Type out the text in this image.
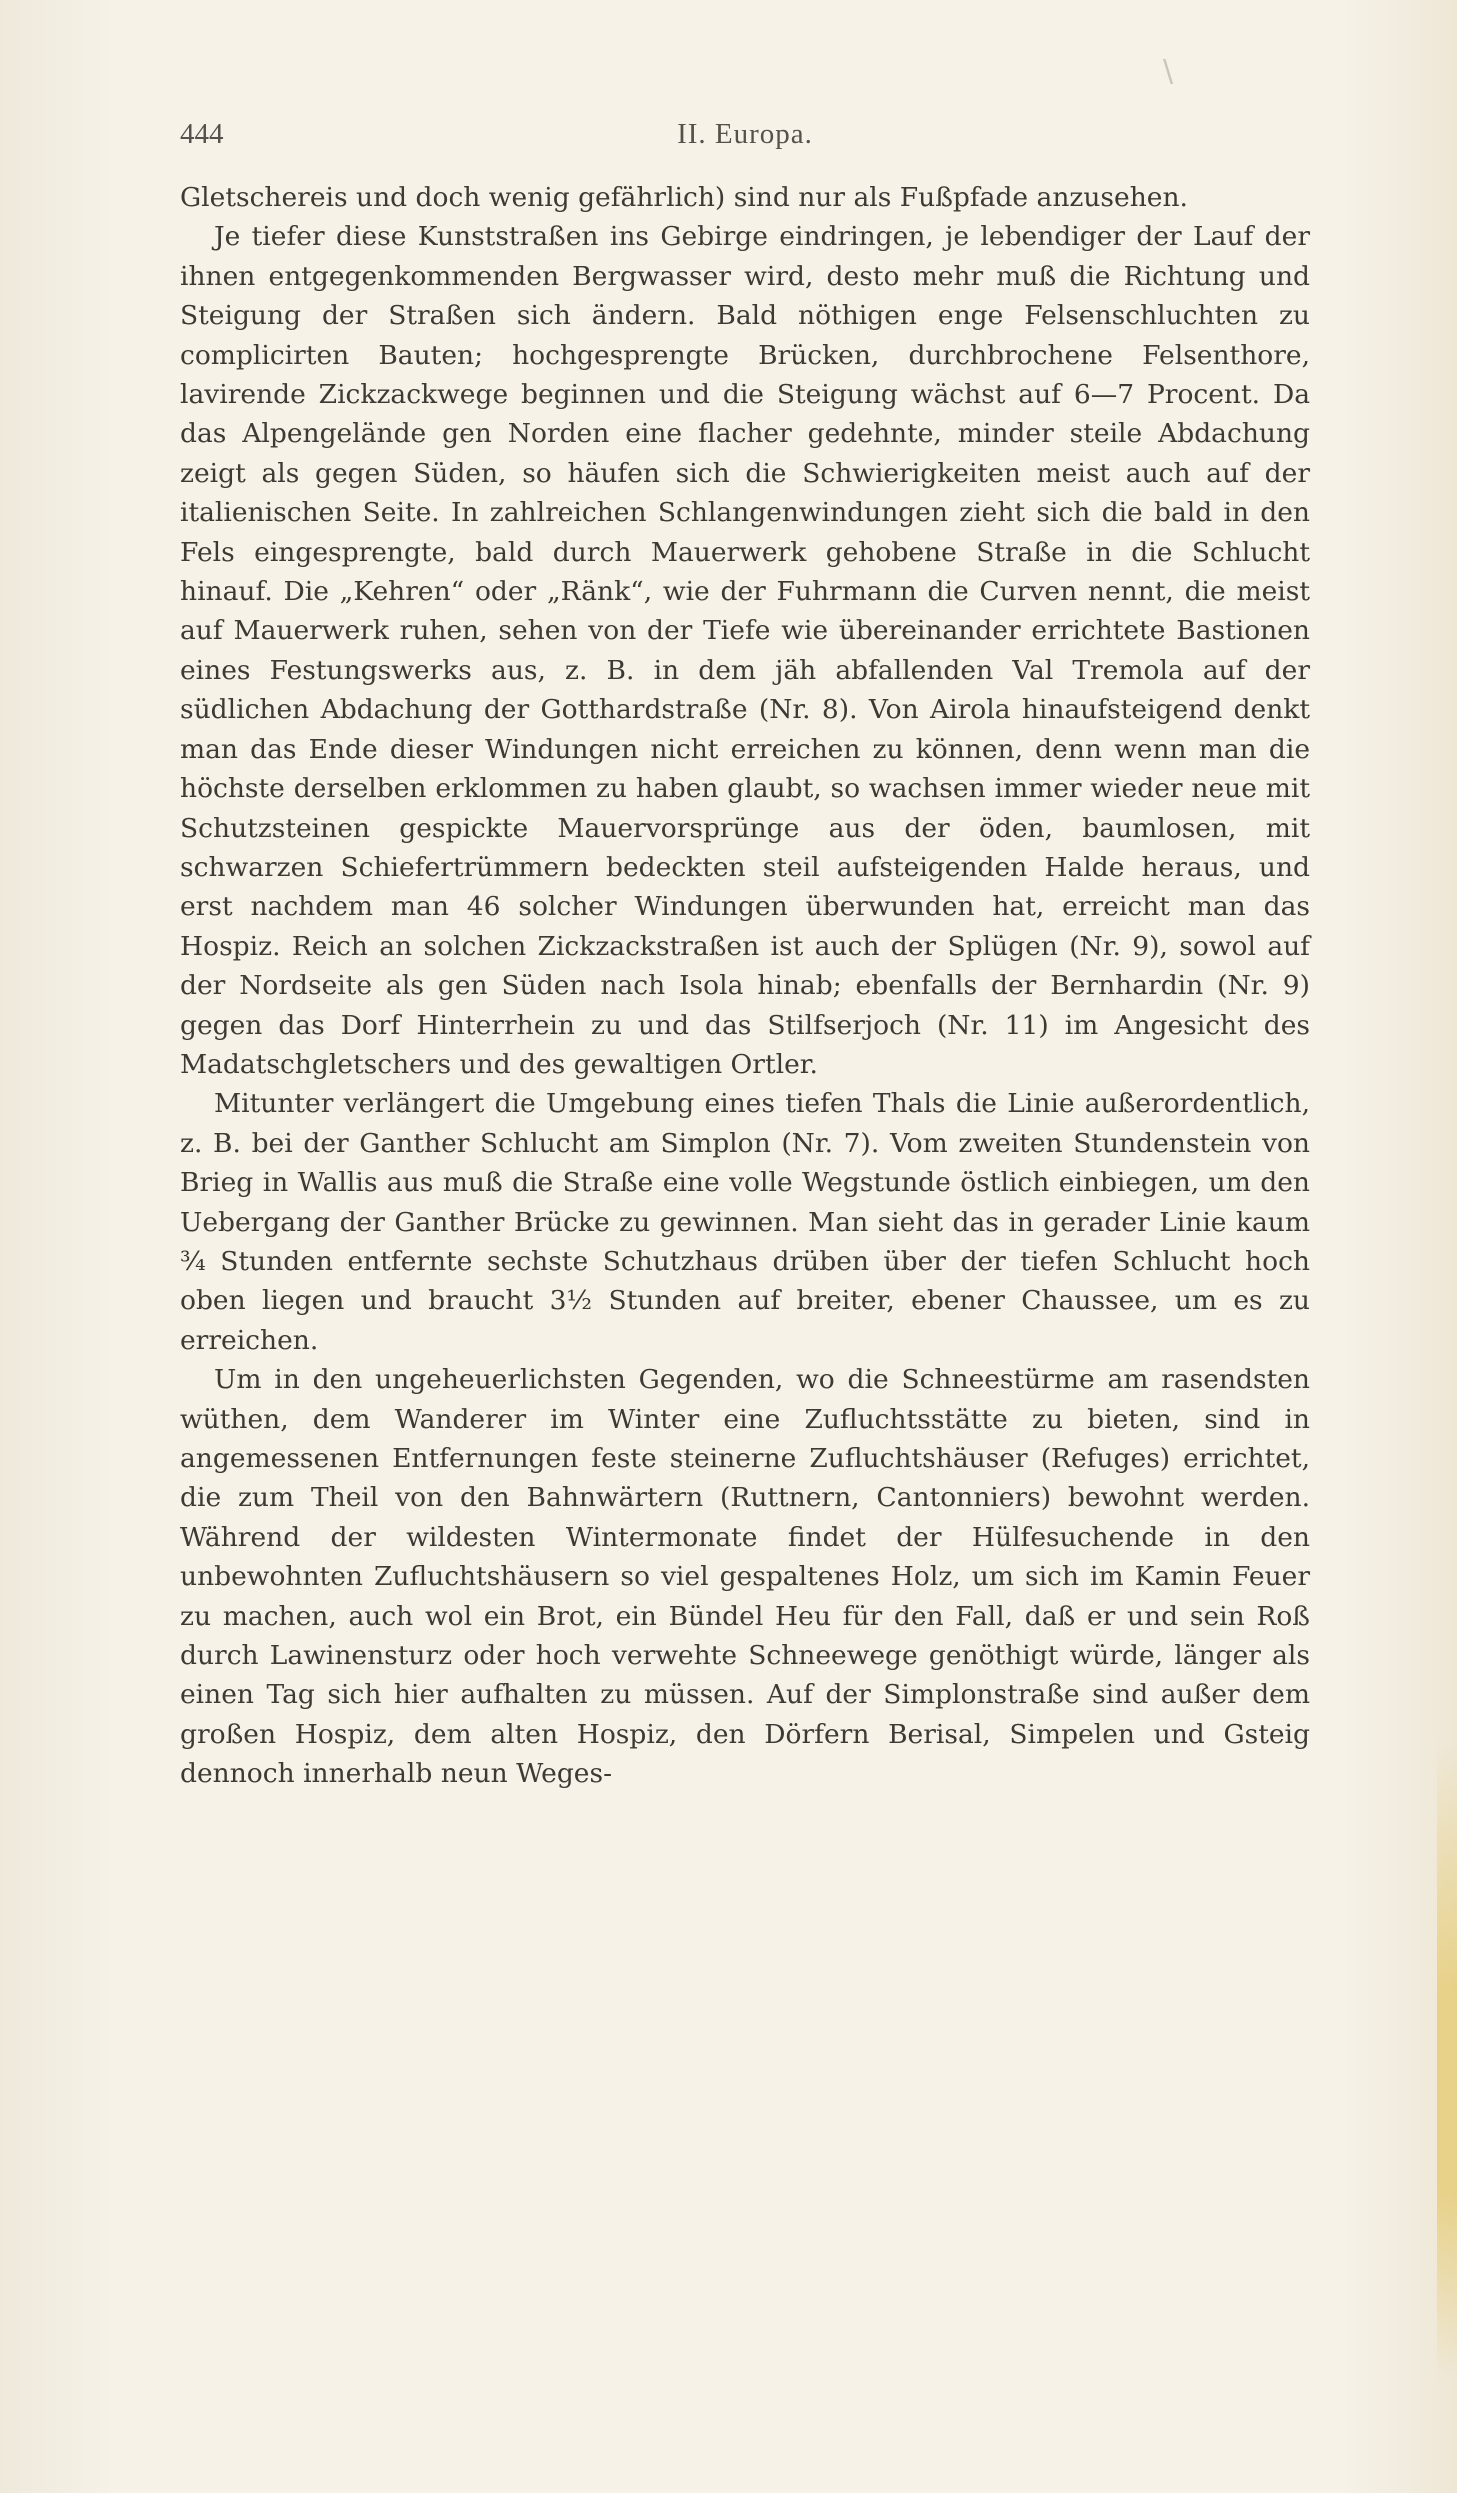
\
444	II. Europa.

Gletschereis und doch wenig gefährlich) sind nur als Fußpfade anzusehen.

Je tiefer diese Kunststraßen ins Gebirge eindringen, je lebendiger der Lauf der ihnen entgegenkommenden Bergwasser wird, desto mehr muß die Richtung und Steigung der Straßen sich ändern. Bald nöthigen enge Felsenschluchten zu complicirten Bauten; hochgesprengte Brücken, durchbrochene Felsenthore, lavirende Zickzackwege beginnen und die Steigung wächst auf 6—7 Procent. Da das Alpengelände gen Norden eine flacher gedehnte, minder steile Abdachung zeigt als gegen Süden, so häufen sich die Schwierigkeiten meist auch auf der italienischen Seite. In zahlreichen Schlangenwindungen zieht sich die bald in den Fels eingesprengte, bald durch Mauerwerk gehobene Straße in die Schlucht hinauf. Die „Kehren“ oder „Ränk“, wie der Fuhrmann die Curven nennt, die meist auf Mauerwerk ruhen, sehen von der Tiefe wie übereinander errichtete Bastionen eines Festungswerks aus, z. B. in dem jäh abfallenden Val Tremola auf der südlichen Abdachung der Gotthardstraße (Nr. 8). Von Airola hinaufsteigend denkt man das Ende dieser Windungen nicht erreichen zu können, denn wenn man die höchste derselben erklommen zu haben glaubt, so wachsen immer wieder neue mit Schutzsteinen gespickte Mauervorsprünge aus der öden, baumlosen, mit schwarzen Schiefertrümmern bedeckten steil aufsteigenden Halde heraus, und erst nachdem man 46 solcher Windungen überwunden hat, erreicht man das Hospiz. Reich an solchen Zickzackstraßen ist auch der Splügen (Nr. 9), sowol auf der Nordseite als gen Süden nach Isola hinab; ebenfalls der Bernhardin (Nr. 9) gegen das Dorf Hinterrhein zu und das Stilfserjoch (Nr. 11) im Angesicht des Madatschgletschers und des gewaltigen Ortler.

Mitunter verlängert die Umgebung eines tiefen Thals die Linie außerordentlich, z. B. bei der Ganther Schlucht am Simplon (Nr. 7). Vom zweiten Stundenstein von Brieg in Wallis aus muß die Straße eine volle Wegstunde östlich einbiegen, um den Uebergang der Ganther Brücke zu gewinnen. Man sieht das in gerader Linie kaum ¾ Stunden entfernte sechste Schutzhaus drüben über der tiefen Schlucht hoch oben liegen und braucht 3½ Stunden auf breiter, ebener Chaussee, um es zu erreichen.

Um in den ungeheuerlichsten Gegenden, wo die Schneestürme am rasendsten wüthen, dem Wanderer im Winter eine Zufluchtsstätte zu bieten, sind in angemessenen Entfernungen feste steinerne Zufluchtshäuser (Refuges) errichtet, die zum Theil von den Bahnwärtern (Ruttnern, Cantonniers) bewohnt werden. Während der wildesten Wintermonate findet der Hülfesuchende in den unbewohnten Zufluchtshäusern so viel gespaltenes Holz, um sich im Kamin Feuer zu machen, auch wol ein Brot, ein Bündel Heu für den Fall, daß er und sein Roß durch Lawinensturz oder hoch verwehte Schneewege genöthigt würde, länger als einen Tag sich hier aufhalten zu müssen. Auf der Simplonstraße sind außer dem großen Hospiz, dem alten Hospiz, den Dörfern Berisal, Simpelen und Gsteig dennoch innerhalb neun Weges-
